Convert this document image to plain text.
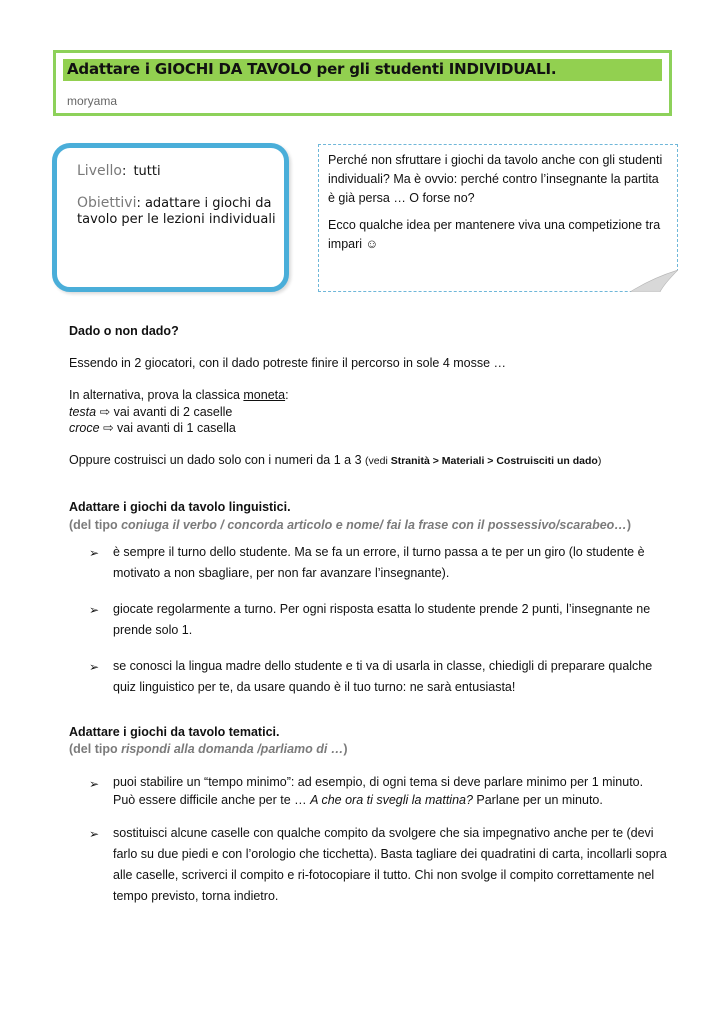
Adattare i GIOCHI DA TAVOLO per gli studenti INDIVIDUALI.
moryama
Livello: tutti
Obiettivi: adattare i giochi da
tavolo per le lezioni individuali

Perché non sfruttare i giochi da tavolo anche con gli studenti individuali? Ma è ovvio: perché contro l’insegnante la partita è già persa … O forse no?

Ecco qualche idea per mantenere viva una competizione tra impari ☺

Dado o non dado?
Essendo in 2 giocatori, con il dado potreste finire il percorso in sole 4 mosse …
In alternativa, prova la classica moneta:
testa ⇨ vai avanti di 2 caselle
croce ⇨ vai avanti di 1 casella
Oppure costruisci un dado solo con i numeri da 1 a 3 (vedi Stranità > Materiali > Costruisciti un dado)
Adattare i giochi da tavolo linguistici.
(del tipo coniuga il verbo / concorda articolo e nome/ fai la frase con il possessivo/scarabeo…)
➢ è sempre il turno dello studente. Ma se fa un errore, il turno passa a te per un giro (lo studente è motivato a non sbagliare, per non far avanzare l’insegnante).
➢ giocate regolarmente a turno. Per ogni risposta esatta lo studente prende 2 punti, l’insegnante ne prende solo 1.
➢ se conosci la lingua madre dello studente e ti va di usarla in classe, chiedigli di preparare qualche quiz linguistico per te, da usare quando è il tuo turno: ne sarà entusiasta!
Adattare i giochi da tavolo tematici.
(del tipo rispondi alla domanda /parliamo di …)
➢ puoi stabilire un “tempo minimo”: ad esempio, di ogni tema si deve parlare minimo per 1 minuto.
Può essere difficile anche per te … A che ora ti svegli la mattina? Parlane per un minuto.
➢ sostituisci alcune caselle con qualche compito da svolgere che sia impegnativo anche per te (devi farlo su due piedi e con l’orologio che ticchetta). Basta tagliare dei quadratini di carta, incollarli sopra alle caselle, scriverci il compito e ri-fotocopiare il tutto. Chi non svolge il compito correttamente nel tempo previsto, torna indietro.
